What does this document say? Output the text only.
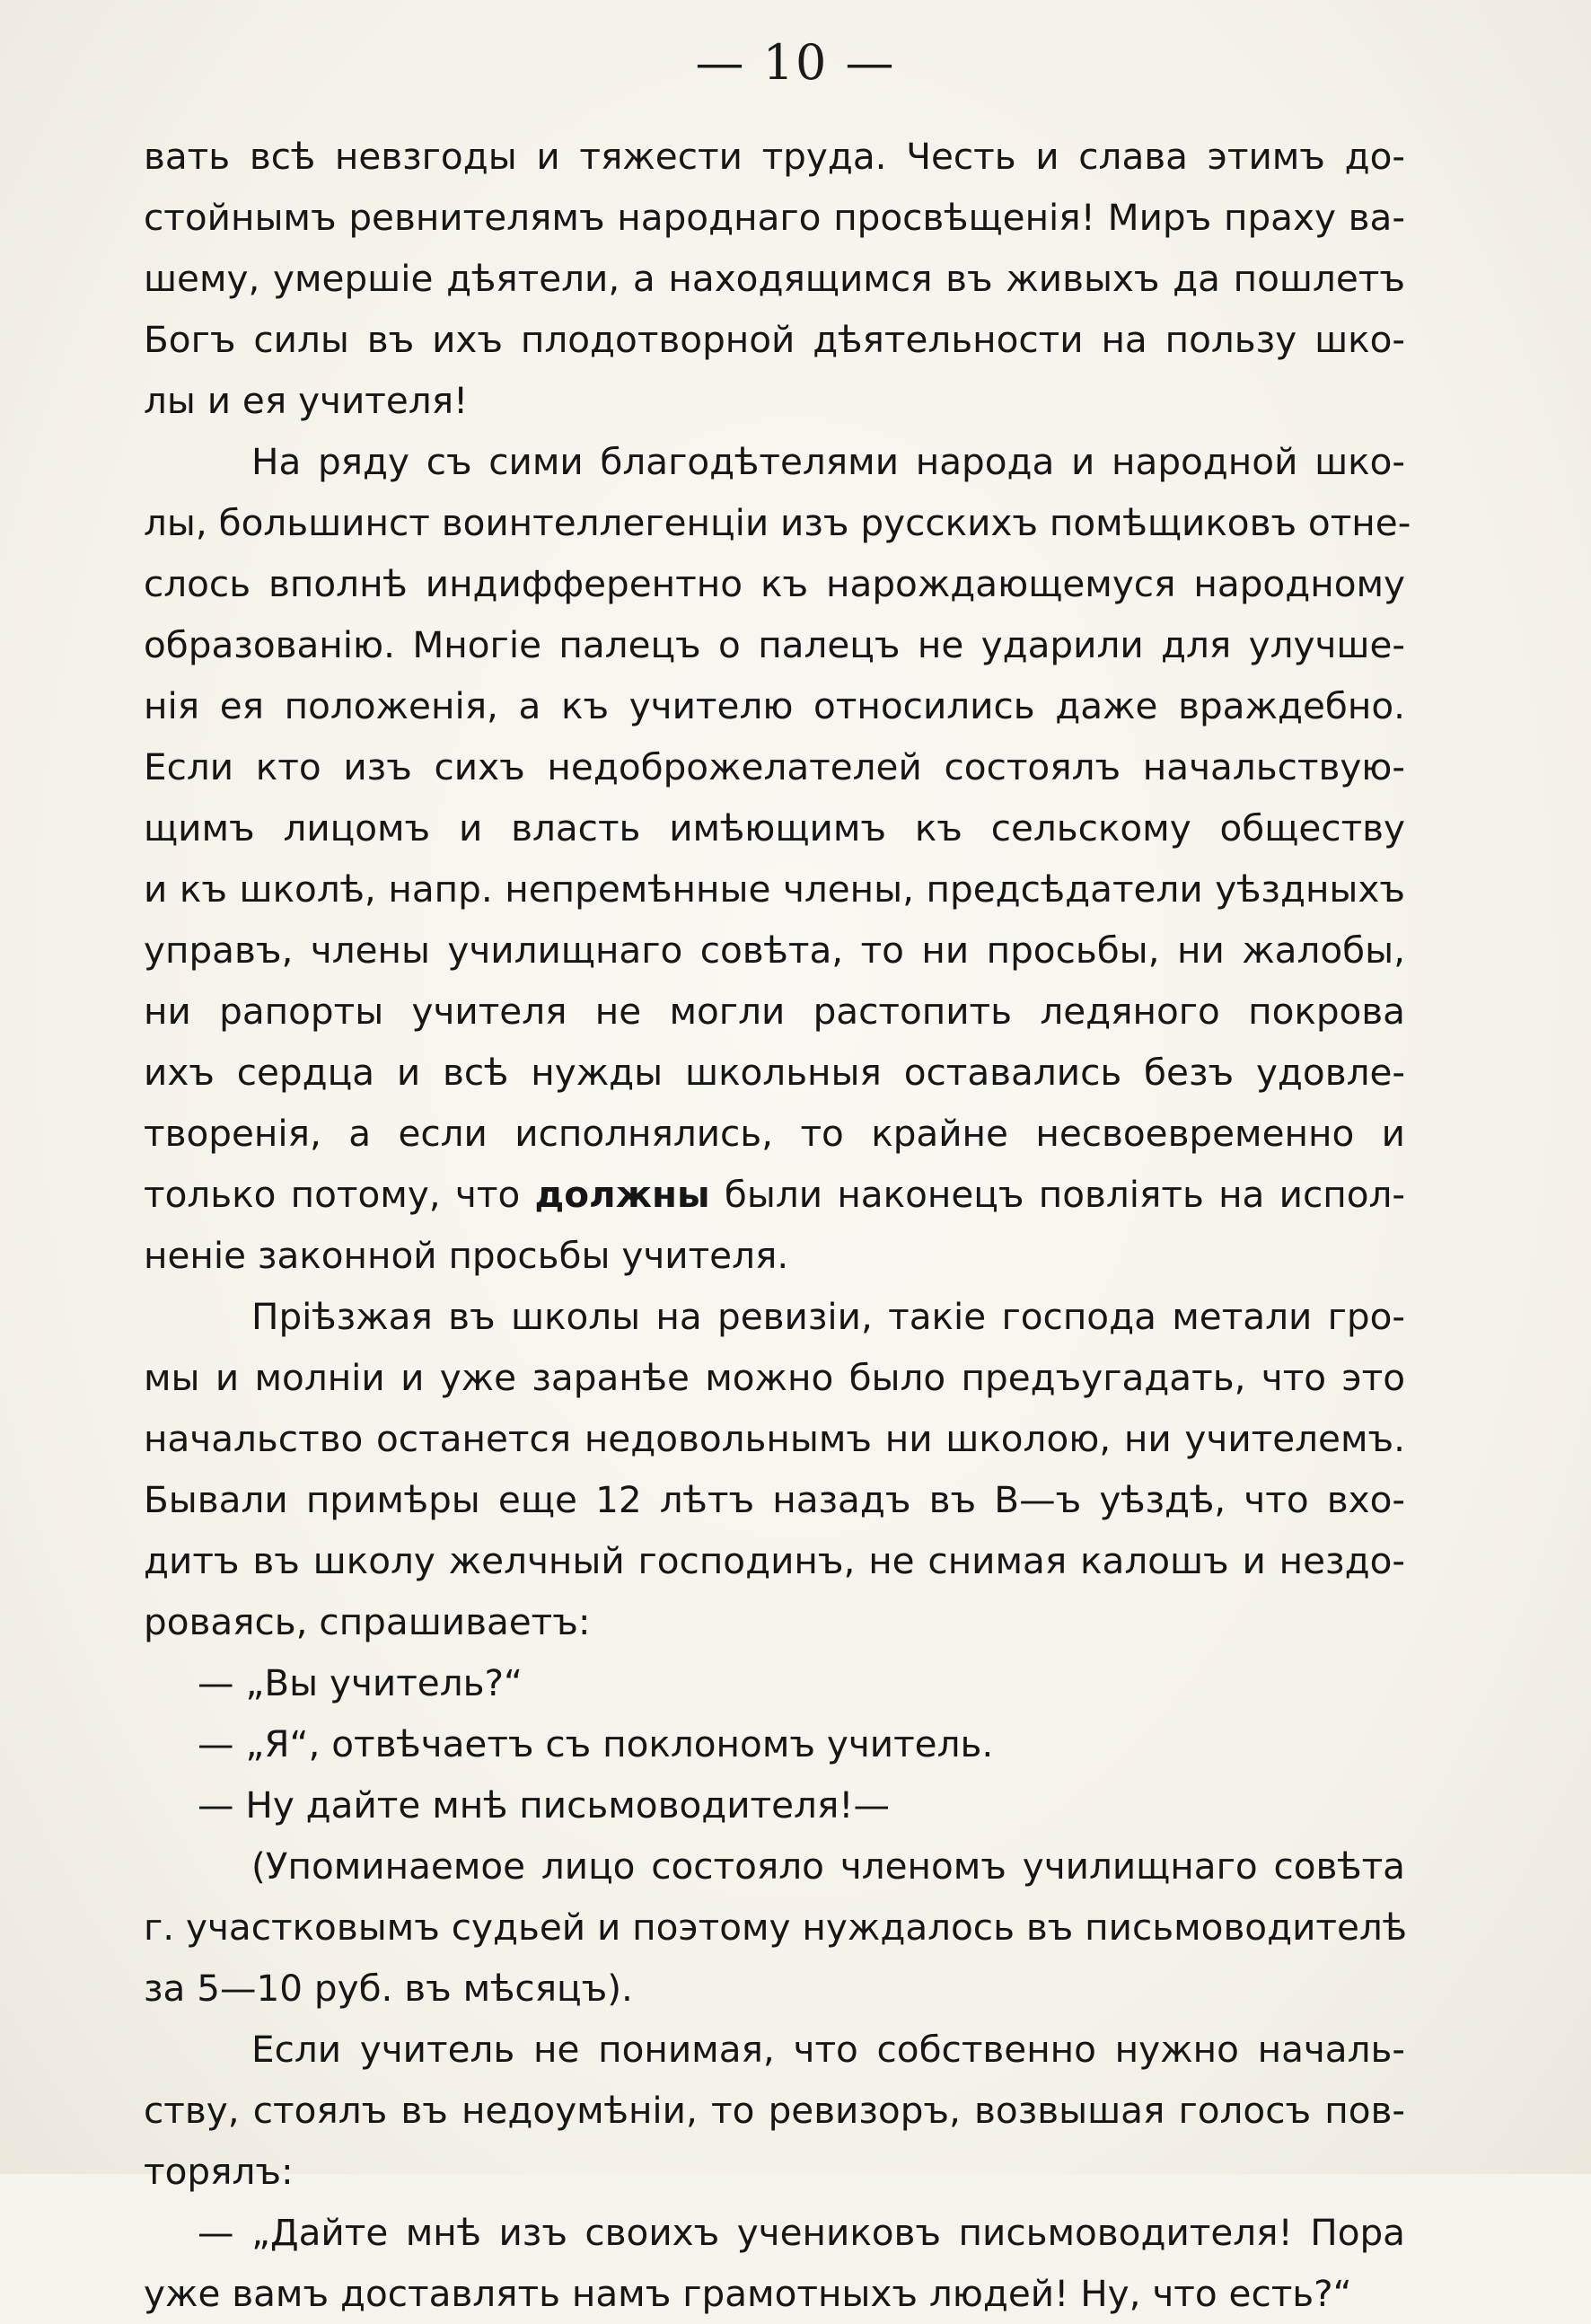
— 10 —
вать всѣ невзгоды и тяжести труда. Честь и слава этимъ до-
стойнымъ ревнителямъ народнаго просвѣщенія! Миръ праху ва-
шему, умершіе дѣятели, а находящимся въ живыхъ да пошлетъ
Богъ силы въ ихъ плодотворной дѣятельности на пользу шко-
лы и ея учителя!
На ряду съ сими благодѣтелями народа и народной шко-
лы, большинст воинтеллегенціи изъ русскихъ помѣщиковъ отне-
слось вполнѣ индифферентно къ нарождающемуся народному
образованію. Многіе палецъ о палецъ не ударили для улучше-
нія ея положенія, а къ учителю относились даже враждебно.
Если кто изъ сихъ недоброжелателей состоялъ начальствую-
щимъ лицомъ и власть имѣющимъ къ сельскому обществу
и къ школѣ, напр. непремѣнные члены, предсѣдатели уѣздныхъ
управъ, члены училищнаго совѣта, то ни просьбы, ни жалобы,
ни рапорты учителя не могли растопить ледяного покрова
ихъ сердца и всѣ нужды школьныя оставались безъ удовле-
творенія, а если исполнялись, то крайне несвоевременно и
только потому, что должны были наконецъ повліять на испол-
неніе законной просьбы учителя.
Пріѣзжая въ школы на ревизіи, такіе господа метали гро-
мы и молніи и уже заранѣе можно было предъугадать, что это
начальство останется недовольнымъ ни школою, ни учителемъ.
Бывали примѣры еще 12 лѣтъ назадъ въ В—ъ уѣздѣ, что вхо-
дитъ въ школу желчный господинъ, не снимая калошъ и нездо-
роваясь, спрашиваетъ:
— „Вы учитель?“
— „Я“, отвѣчаетъ съ поклономъ учитель.
— Ну дайте мнѣ письмоводителя!—
(Упоминаемое лицо состояло членомъ училищнаго совѣта
г. участковымъ судьей и поэтому нуждалось въ письмоводителѣ
за 5—10 руб. въ мѣсяцъ).
Если учитель не понимая, что собственно нужно началь-
ству, стоялъ въ недоумѣніи, то ревизоръ, возвышая голосъ пов-
торялъ:
— „Дайте мнѣ изъ своихъ учениковъ письмоводителя! Пора
уже вамъ доставлять намъ грамотныхъ людей! Ну, что есть?“
